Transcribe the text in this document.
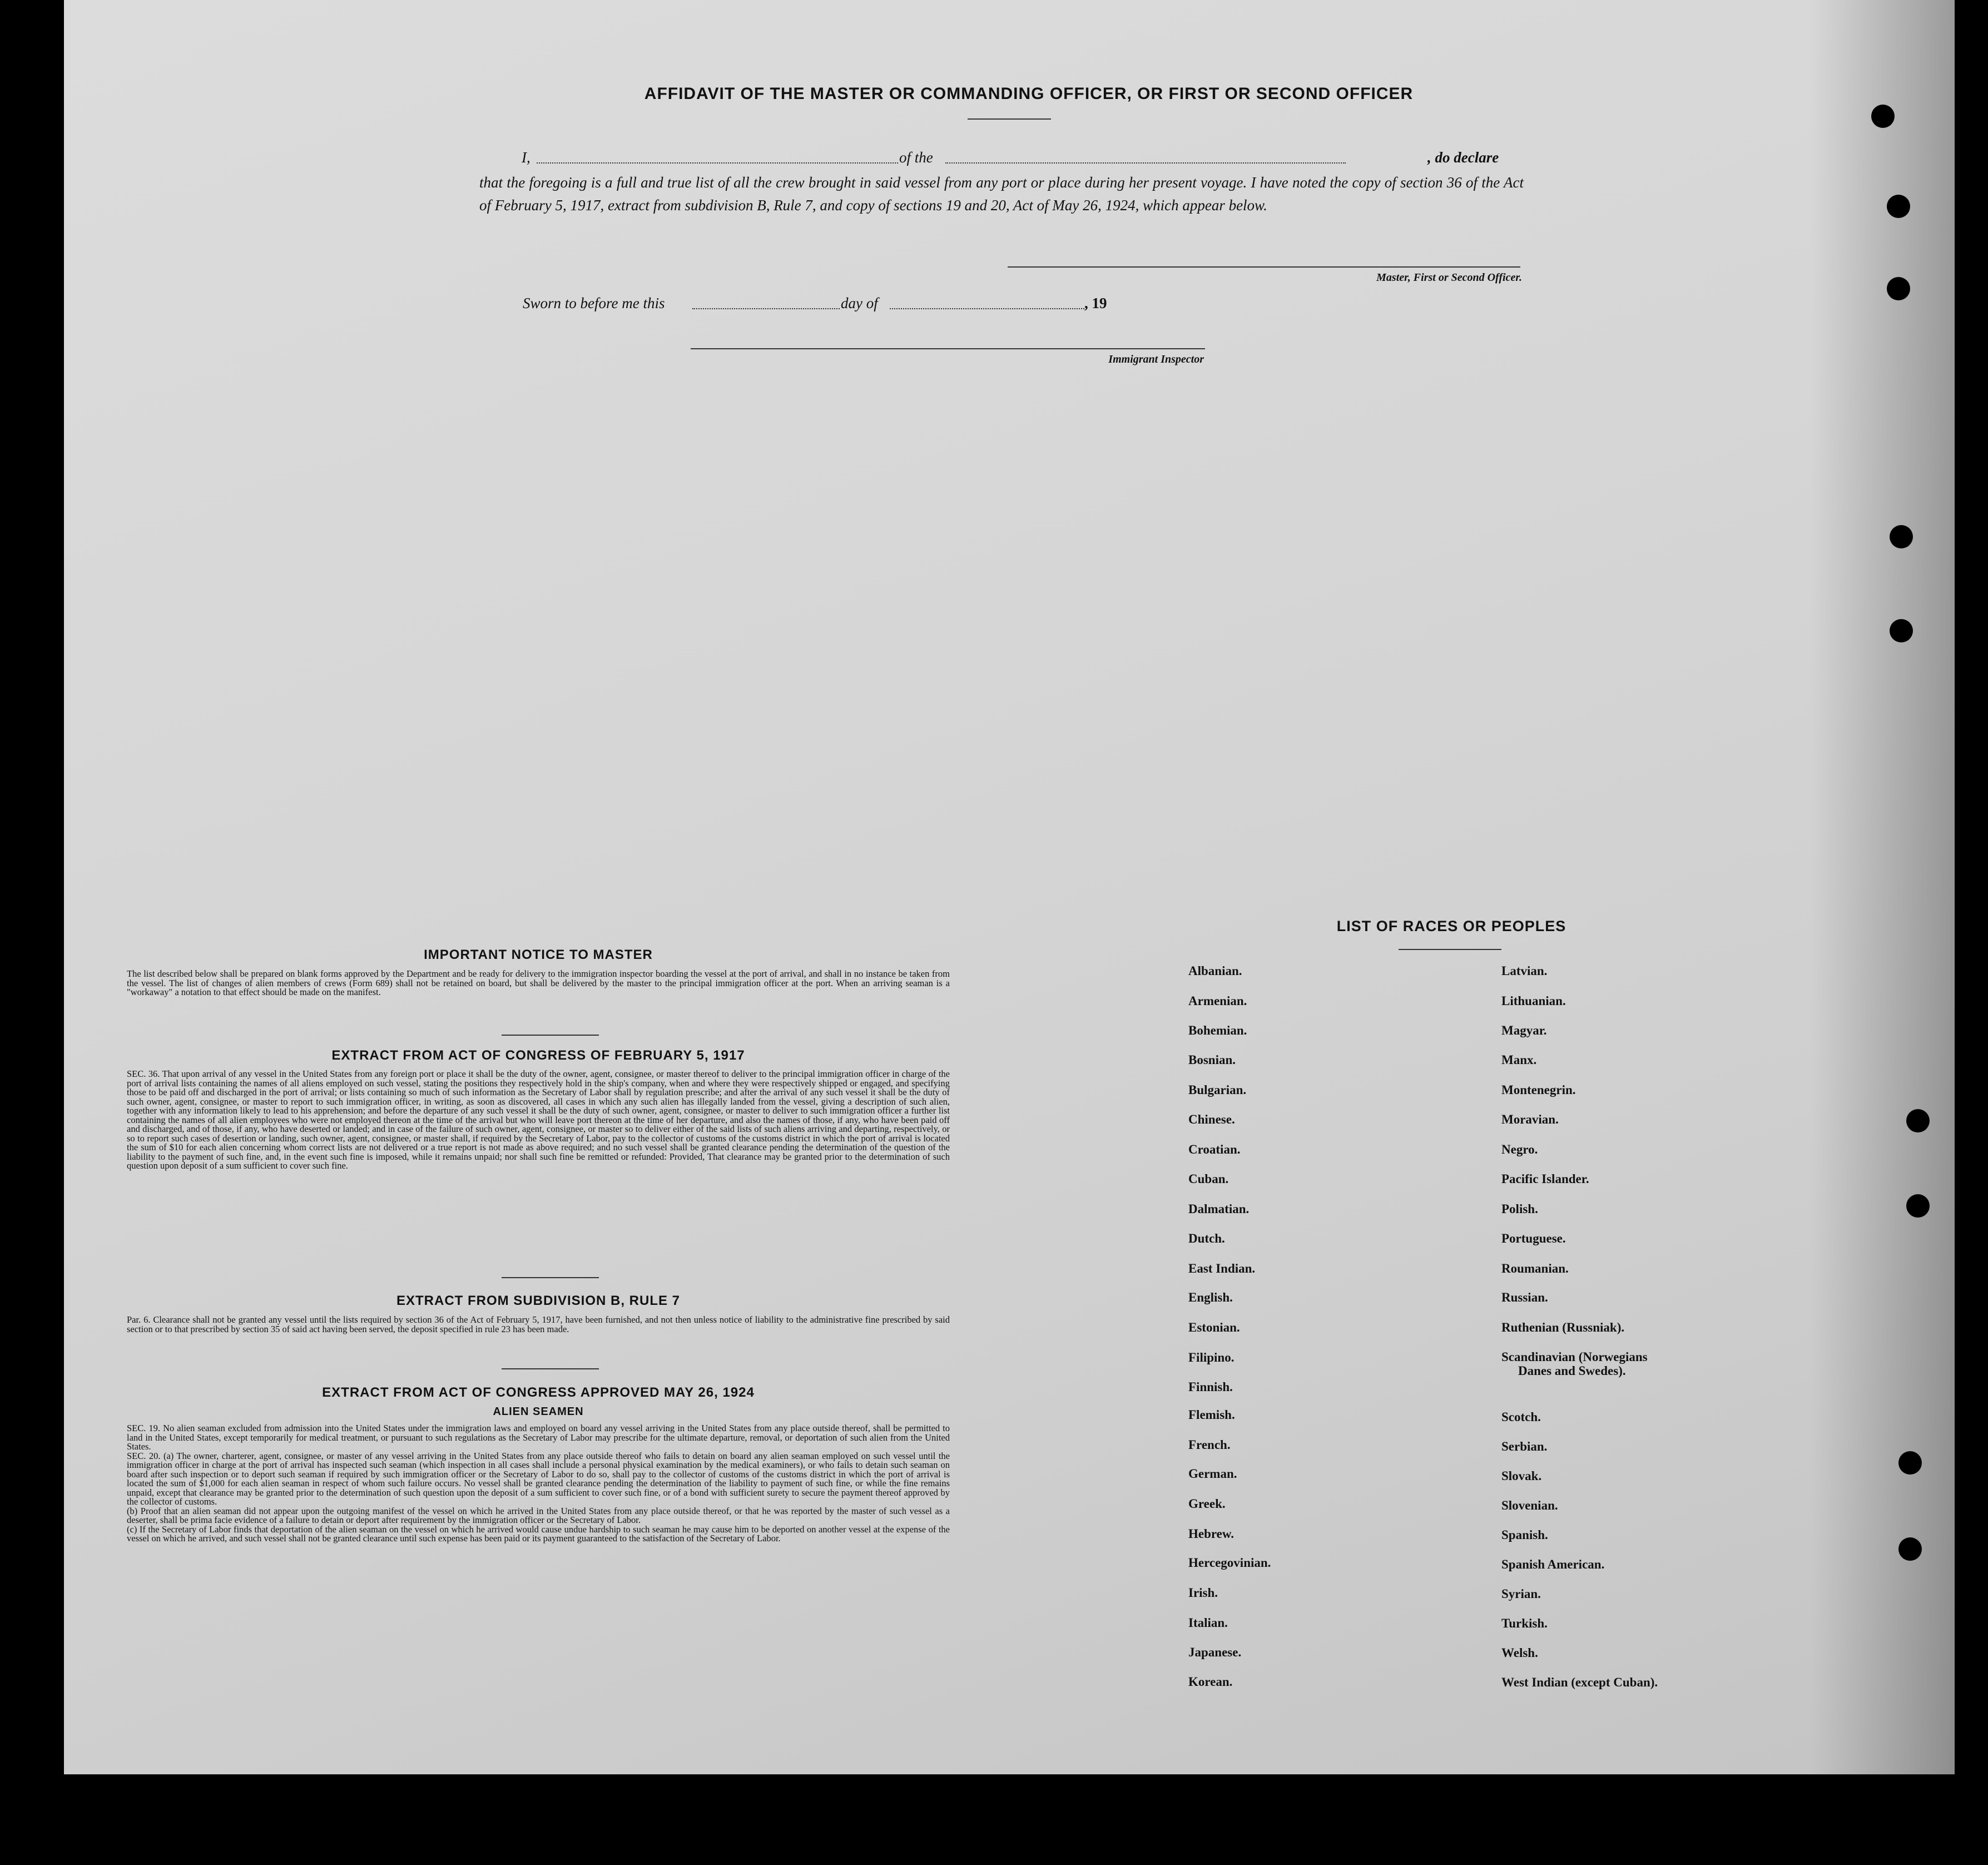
AFFIDAVIT OF THE MASTER OR COMMANDING OFFICER, OR FIRST OR SECOND OFFICER
I,	of the	, do declare
that the foregoing is a full and true list of all the crew brought in said vessel from any port or place during her present voyage. I have noted the copy of section 36 of the Act of February 5, 1917, extract from subdivision B, Rule 7, and copy of sections 19 and 20, Act of May 26, 1924, which appear below.
Master, First or Second Officer.
Sworn to before me this	day of	, 19
Immigrant Inspector
IMPORTANT NOTICE TO MASTER
The list described below shall be prepared on blank forms approved by the Department and be ready for delivery to the immigration inspector boarding the vessel at the port of arrival, and shall in no instance be taken from the vessel. The list of changes of alien members of crews (Form 689) shall not be retained on board, but shall be delivered by the master to the principal immigration officer at the port. When an arriving seaman is a "workaway" a notation to that effect should be made on the manifest.
EXTRACT FROM ACT OF CONGRESS OF FEBRUARY 5, 1917
SEC. 36. That upon arrival of any vessel in the United States from any foreign port or place it shall be the duty of the owner, agent, consignee, or master thereof to deliver to the principal immigration officer in charge of the port of arrival lists containing the names of all aliens employed on such vessel, stating the positions they respectively hold in the ship's company, when and where they were respectively shipped or engaged, and specifying those to be paid off and discharged in the port of arrival; or lists containing so much of such information as the Secretary of Labor shall by regulation prescribe; and after the arrival of any such vessel it shall be the duty of such owner, agent, consignee, or master to report to such immigration officer, in writing, as soon as discovered, all cases in which any such alien has illegally landed from the vessel, giving a description of such alien, together with any information likely to lead to his apprehension; and before the departure of any such vessel it shall be the duty of such owner, agent, consignee, or master to deliver to such immigration officer a further list containing the names of all alien employees who were not employed thereon at the time of the arrival but who will leave port thereon at the time of her departure, and also the names of those, if any, who have been paid off and discharged, and of those, if any, who have deserted or landed; and in case of the failure of such owner, agent, consignee, or master so to deliver either of the said lists of such aliens arriving and departing, respectively, or so to report such cases of desertion or landing, such owner, agent, consignee, or master shall, if required by the Secretary of Labor, pay to the collector of customs of the customs district in which the port of arrival is located the sum of $10 for each alien concerning whom correct lists are not delivered or a true report is not made as above required; and no such vessel shall be granted clearance pending the determination of the question of the liability to the payment of such fine, and, in the event such fine is imposed, while it remains unpaid; nor shall such fine be remitted or refunded: Provided, That clearance may be granted prior to the determination of such question upon deposit of a sum sufficient to cover such fine.
EXTRACT FROM SUBDIVISION B, RULE 7
Par. 6. Clearance shall not be granted any vessel until the lists required by section 36 of the Act of February 5, 1917, have been furnished, and not then unless notice of liability to the administrative fine prescribed by said section or to that prescribed by section 35 of said act having been served, the deposit specified in rule 23 has been made.
EXTRACT FROM ACT OF CONGRESS APPROVED MAY 26, 1924
ALIEN SEAMEN
SEC. 19. No alien seaman excluded from admission into the United States under the immigration laws and employed on board any vessel arriving in the United States from any place outside thereof, shall be permitted to land in the United States, except temporarily for medical treatment, or pursuant to such regulations as the Secretary of Labor may prescribe for the ultimate departure, removal, or deportation of such alien from the United States.
SEC. 20. (a) The owner, charterer, agent, consignee, or master of any vessel arriving in the United States from any place outside thereof who fails to detain on board any alien seaman employed on such vessel until the immigration officer in charge at the port of arrival has inspected such seaman (which inspection in all cases shall include a personal physical examination by the medical examiners), or who fails to detain such seaman on board after such inspection or to deport such seaman if required by such immigration officer or the Secretary of Labor to do so, shall pay to the collector of customs of the customs district in which the port of arrival is located the sum of $1,000 for each alien seaman in respect of whom such failure occurs. No vessel shall be granted clearance pending the determination of the liability to payment of such fine, or while the fine remains unpaid, except that clearance may be granted prior to the determination of such question upon the deposit of a sum sufficient to cover such fine, or of a bond with sufficient surety to secure the payment thereof approved by the collector of customs.
(b) Proof that an alien seaman did not appear upon the outgoing manifest of the vessel on which he arrived in the United States from any place outside thereof, or that he was reported by the master of such vessel as a deserter, shall be prima facie evidence of a failure to detain or deport after requirement by the immigration officer or the Secretary of Labor.
(c) If the Secretary of Labor finds that deportation of the alien seaman on the vessel on which he arrived would cause undue hardship to such seaman he may cause him to be deported on another vessel at the expense of the vessel on which he arrived, and such vessel shall not be granted clearance until such expense has been paid or its payment guaranteed to the satisfaction of the Secretary of Labor.
LIST OF RACES OR PEOPLES
Albanian.
Armenian.
Bohemian.
Bosnian.
Bulgarian.
Chinese.
Croatian.
Cuban.
Dalmatian.
Dutch.
East Indian.
English.
Estonian.
Filipino.
Finnish.
Flemish.
French.
German.
Greek.
Hebrew.
Hercegovinian.
Irish.
Italian.
Japanese.
Korean.
Latvian.
Lithuanian.
Magyar.
Manx.
Montenegrin.
Moravian.
Negro.
Pacific Islander.
Polish.
Portuguese.
Roumanian.
Russian.
Ruthenian (Russniak).
Scandinavian (Norwegians
Danes and Swedes).
Scotch.
Serbian.
Slovak.
Slovenian.
Spanish.
Spanish American.
Syrian.
Turkish.
Welsh.
West Indian (except Cuban).
